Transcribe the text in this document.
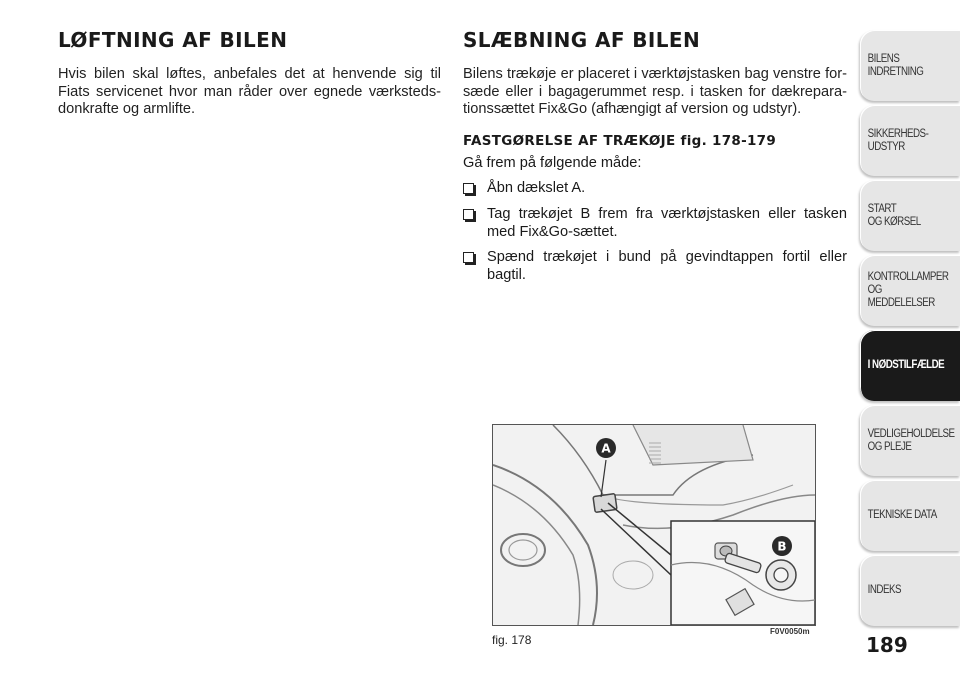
LØFTNING AF BILEN

Hvis bilen skal løftes, anbefales det at henvende sig til Fiats servicenet hvor man råder over egnede værksteds-donkrafte og armlifte.

SLÆBNING AF BILEN

Bilens trækøje er placeret i værktøjstasken bag venstre for-sæde eller i bagagerummet resp. i tasken for dækrepara-tionssættet Fix&Go (afhængigt af version og udstyr).

FASTGØRELSE AF TRÆKØJE fig. 178-179

Gå frem på følgende måde:

Åbn dækslet A.
Tag trækøjet B frem fra værktøjstasken eller tasken med Fix&Go-sættet.
Spænd trækøjet i bund på gevindtappen fortil eller bagtil.
A
B
fig. 178
F0V0050m
189
BILENS
INDRETNING
SIKKERHEDS-
UDSTYR
START
OG KØRSEL
KONTROLLAMPER
OG MEDDELELSER
I NØDSTILFÆLDE
VEDLIGEHOLDELSE
OG PLEJE
TEKNISKE DATA
INDEKS
